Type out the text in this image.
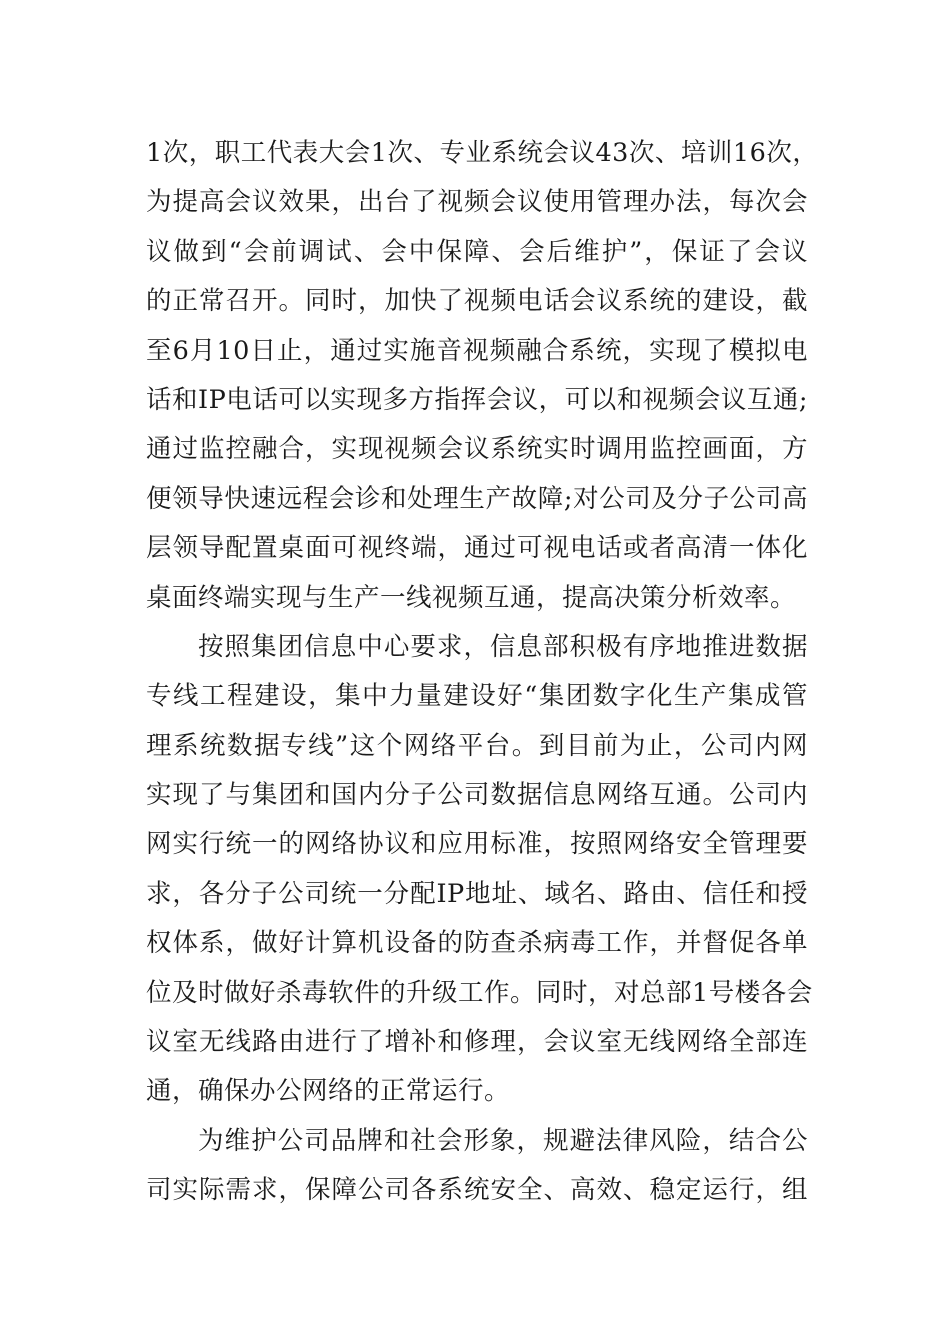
1次，职工代表大会1次、专业系统会议43次、培训16次，
为提高会议效果，出台了视频会议使用管理办法，每次会
议做到“会前调试、会中保障、会后维护”，保证了会议
的正常召开。同时，加快了视频电话会议系统的建设，截
至6月10日止，通过实施音视频融合系统，实现了模拟电
话和IP电话可以实现多方指挥会议，可以和视频会议互通;
通过监控融合，实现视频会议系统实时调用监控画面，方
便领导快速远程会诊和处理生产故障;对公司及分子公司高
层领导配置桌面可视终端，通过可视电话或者高清一体化
桌面终端实现与生产一线视频互通，提高决策分析效率。
按照集团信息中心要求，信息部积极有序地推进数据
专线工程建设，集中力量建设好“集团数字化生产集成管
理系统数据专线”这个网络平台。到目前为止，公司内网
实现了与集团和国内分子公司数据信息网络互通。公司内
网实行统一的网络协议和应用标准，按照网络安全管理要
求，各分子公司统一分配IP地址、域名、路由、信任和授
权体系，做好计算机设备的防查杀病毒工作，并督促各单
位及时做好杀毒软件的升级工作。同时，对总部1号楼各会
议室无线路由进行了增补和修理，会议室无线网络全部连
通，确保办公网络的正常运行。
为维护公司品牌和社会形象，规避法律风险，结合公
司实际需求，保障公司各系统安全、高效、稳定运行，组
